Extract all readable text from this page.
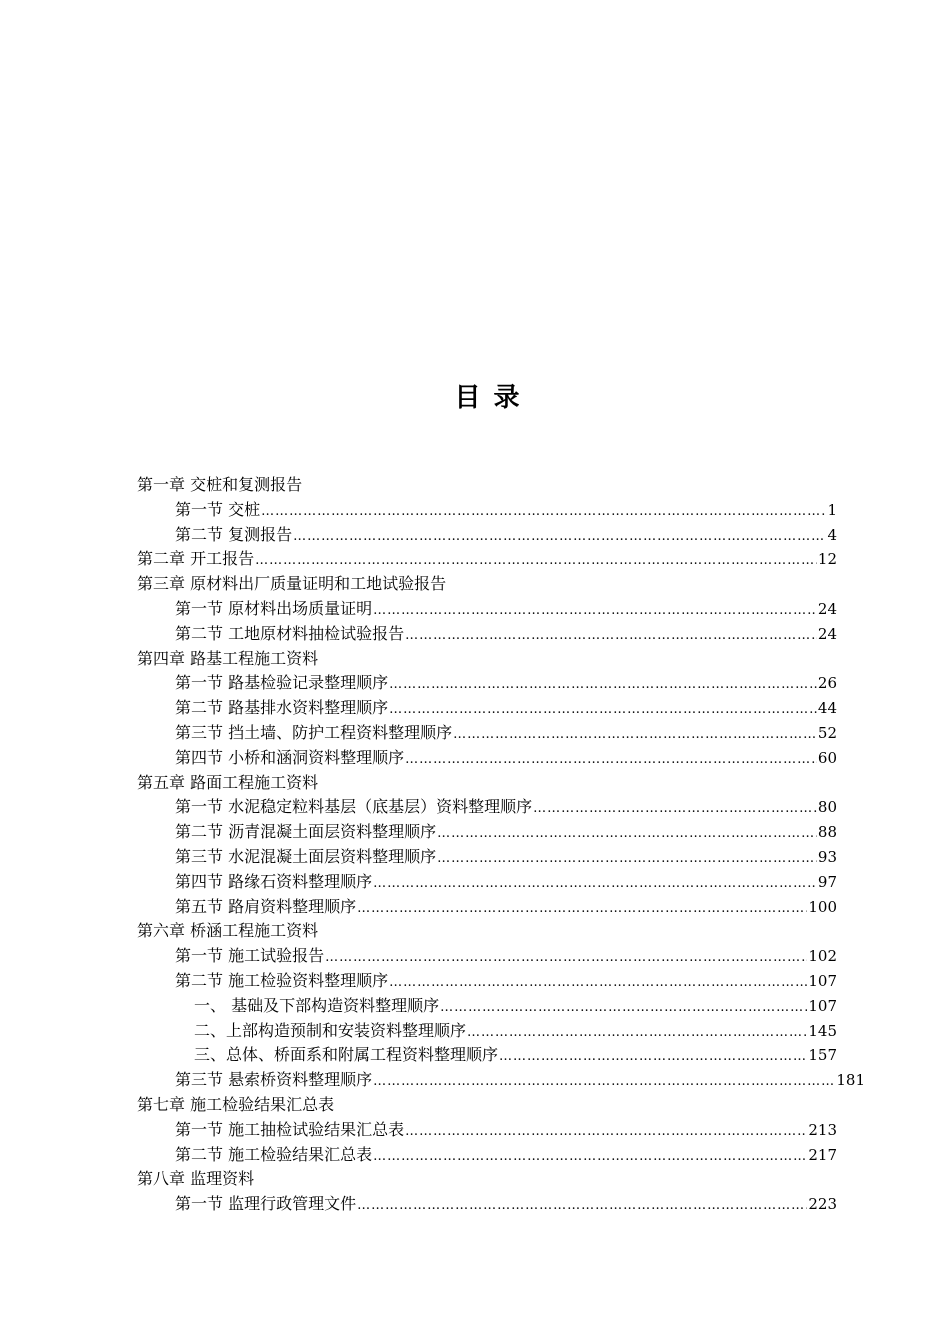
目 录
第一章 交桩和复测报告
第一节 交桩 ……………………………………………………………………………………………………………………………………………………………………………………	1
第二节 复测报告 ……………………………………………………………………………………………………………………………………………………………………………………	4
第二章 开工报告 ……………………………………………………………………………………………………………………………………………………………………………………	12
第三章 原材料出厂质量证明和工地试验报告
第一节 原材料出场质量证明 ……………………………………………………………………………………………………………………………………………………………………………………	24
第二节 工地原材料抽检试验报告 ……………………………………………………………………………………………………………………………………………………………………………………	24
第四章 路基工程施工资料
第一节 路基检验记录整理顺序 ……………………………………………………………………………………………………………………………………………………………………………………	26
第二节 路基排水资料整理顺序 ……………………………………………………………………………………………………………………………………………………………………………………	44
第三节 挡土墙、防护工程资料整理顺序 ……………………………………………………………………………………………………………………………………………………………………………………	52
第四节 小桥和涵洞资料整理顺序 ……………………………………………………………………………………………………………………………………………………………………………………	60
第五章 路面工程施工资料
第一节 水泥稳定粒料基层（底基层）资料整理顺序 ……………………………………………………………………………………………………………………………………………………………………………………	80
第二节 沥青混凝土面层资料整理顺序 ……………………………………………………………………………………………………………………………………………………………………………………	88
第三节 水泥混凝土面层资料整理顺序 ……………………………………………………………………………………………………………………………………………………………………………………	93
第四节 路缘石资料整理顺序 ……………………………………………………………………………………………………………………………………………………………………………………	97
第五节 路肩资料整理顺序 ……………………………………………………………………………………………………………………………………………………………………………………	100
第六章 桥涵工程施工资料
第一节 施工试验报告 ……………………………………………………………………………………………………………………………………………………………………………………	102
第二节 施工检验资料整理顺序 ……………………………………………………………………………………………………………………………………………………………………………………	107
一、 基础及下部构造资料整理顺序 ……………………………………………………………………………………………………………………………………………………………………………………	107
二、上部构造预制和安装资料整理顺序 ……………………………………………………………………………………………………………………………………………………………………………………	145
三、总体、桥面系和附属工程资料整理顺序 ……………………………………………………………………………………………………………………………………………………………………………………	157
第三节 悬索桥资料整理顺序 ……………………………………………………………………………………………………………………………………………………………………………………	181
第七章 施工检验结果汇总表
第一节 施工抽检试验结果汇总表 ……………………………………………………………………………………………………………………………………………………………………………………	213
第二节 施工检验结果汇总表 ……………………………………………………………………………………………………………………………………………………………………………………	217
第八章 监理资料
第一节 监理行政管理文件 ……………………………………………………………………………………………………………………………………………………………………………………	223
